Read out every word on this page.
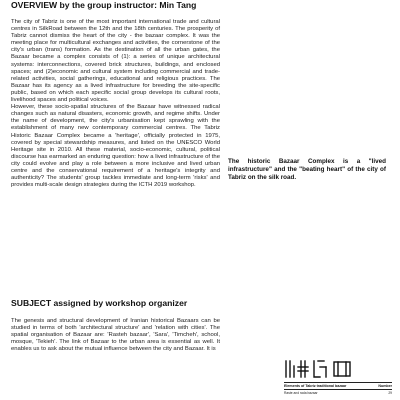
OVERVIEW by the group instructor: Min Tang

The city of Tabriz is one of the most important international trade and cultural centres in SilkRoad between the 12th and the 18th centuries. The prosperity of Tabriz cannot dismiss the heart of the city - the bazaar complex. It was the meeting place for multicultural exchanges and activities, the cornerstone of the city's urban (trans) formation. As the destination of all the urban gates, the Bazaar became a complex consists of (1): a series of unique architectural systems: interconnections, covered brick structures, buildings, and enclosed spaces; and (2)economic and cultural system including commercial and trade-related activities, social gatherings, educational and religious practices. The Bazaar has its agency as a lived infrastructure for breeding the site-specific public, based on which each specific social group develops its cultural roots, livelihood spaces and political voices.

However, these socio-spatial structures of the Bazaar have witnessed radical changes such as natural disasters, economic growth, and regime shifts. Under the name of development, the city's urbanisation kept sprawling with the establishment of many new contemporary commercial centres. The Tabriz Historic Bazaar Complex became a 'heritage', officially protected in 1975, covered by special stewardship measures, and listed on the UNESCO World Heritage site in 2010. All these material, socio-economic, cultural, political discourse has earmarked an enduring question: how a lived infrastructure of the city could evolve and play a role between a more inclusive and lived urban centre and the conservational requirement of a heritage's integrity and authenticity? The students' group tackles immediate and long-term 'risks' and provides multi-scale design strategies during the ICTH 2019 workshop.

The historic Bazaar Complex is a "lived infrastructure" and the "beating heart" of the city of Tabriz on the silk road.
SUBJECT assigned by workshop organizer

The genesis and structural development of Iranian historical Bazaars can be studied in terms of both 'architectural structure' and 'relation with cities'. The spatial organisation of Bazaar are: 'Rasteh bazaar', 'Sara', 'Timcheh', school, mosque, 'Tekieh'. The link of Bazaar to the urban area is essential as well. It enables us to ask about the mutual influence between the city and Bazaar. It is

Elements of Tabriz traditional bazaar	Number
Raste and rada bazaar	29
